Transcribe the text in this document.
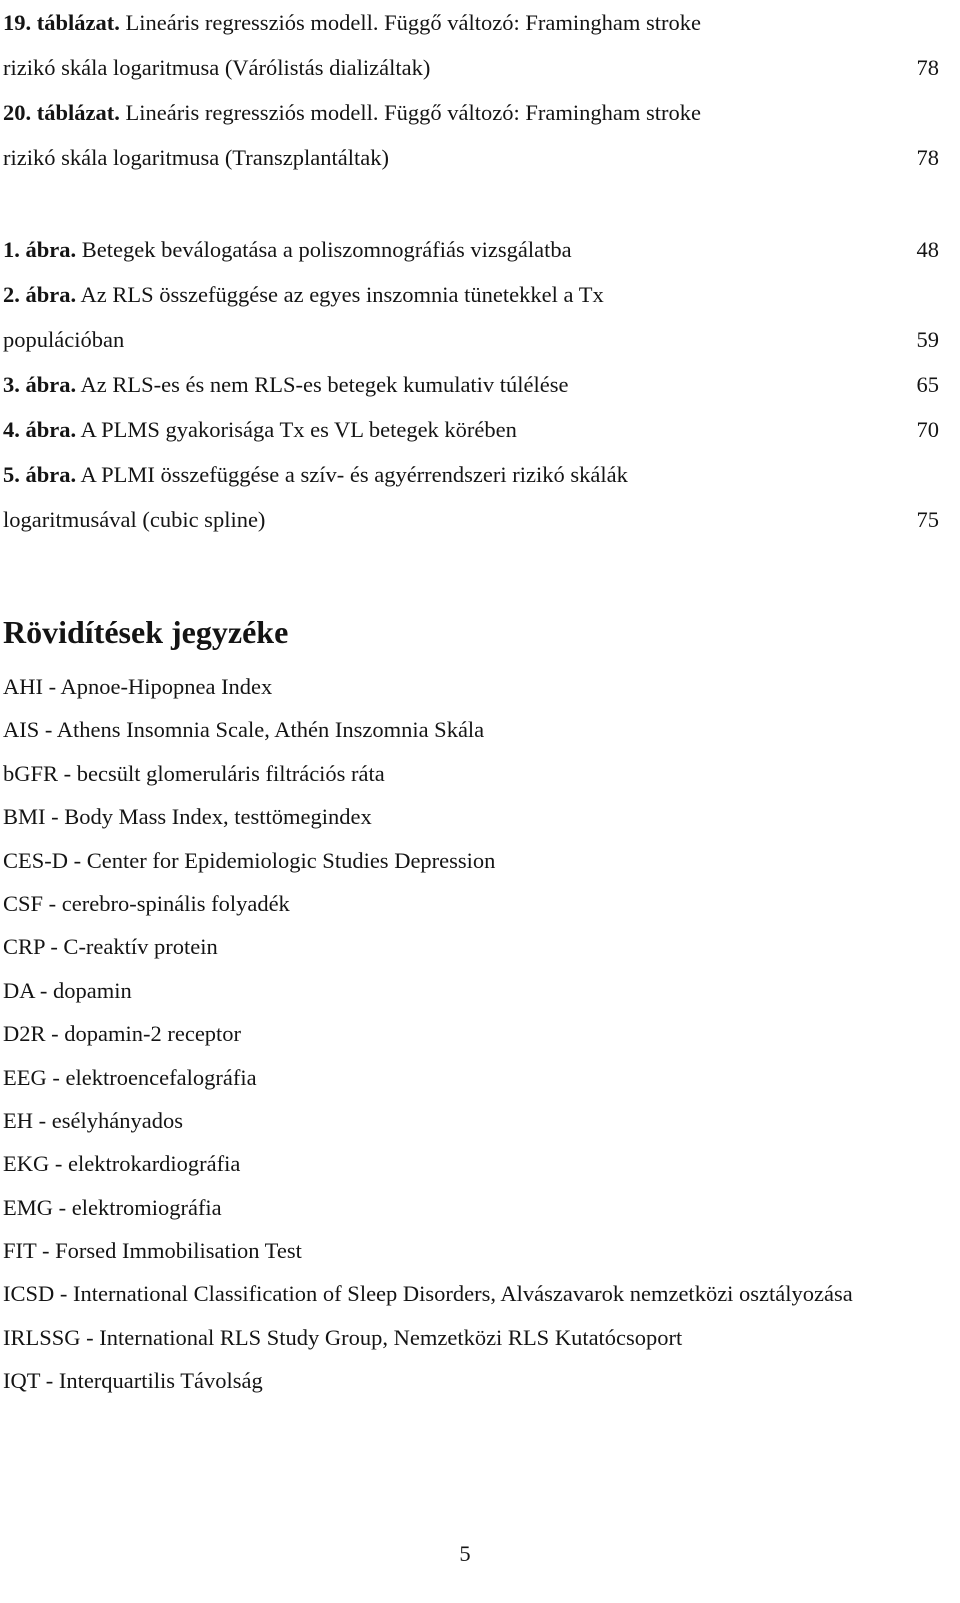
19. táblázat. Lineáris regressziós modell. Függő változó: Framingham stroke
rizikó skála logaritmusa (Várólistás dializáltak)	78
20. táblázat. Lineáris regressziós modell. Függő változó: Framingham stroke
rizikó skála logaritmusa (Transzplantáltak)	78
1. ábra. Betegek beválogatása a poliszomnográfiás vizsgálatba	48
2. ábra. Az RLS összefüggése az egyes inszomnia tünetekkel a Tx
populációban	59
3. ábra. Az RLS-es és nem RLS-es betegek kumulativ túlélése	65
4. ábra. A PLMS gyakorisága Tx es VL betegek körében	70
5. ábra. A PLMI összefüggése a szív- és agyérrendszeri rizikó skálák
logaritmusával (cubic spline)	75
Rövidítések jegyzéke
AHI - Apnoe-Hipopnea Index
AIS - Athens Insomnia Scale, Athén Inszomnia Skála
bGFR - becsült glomeruláris filtrációs ráta
BMI - Body Mass Index, testtömegindex
CES-D - Center for Epidemiologic Studies Depression
CSF - cerebro-spinális folyadék
CRP - C-reaktív protein
DA - dopamin
D2R - dopamin-2 receptor
EEG - elektroencefalográfia
EH - esélyhányados
EKG - elektrokardiográfia
EMG - elektromiográfia
FIT - Forsed Immobilisation Test
ICSD - International Classification of Sleep Disorders, Alvászavarok nemzetközi osztályozása
IRLSSG - International RLS Study Group, Nemzetközi RLS Kutatócsoport
IQT - Interquartilis Távolság
5
